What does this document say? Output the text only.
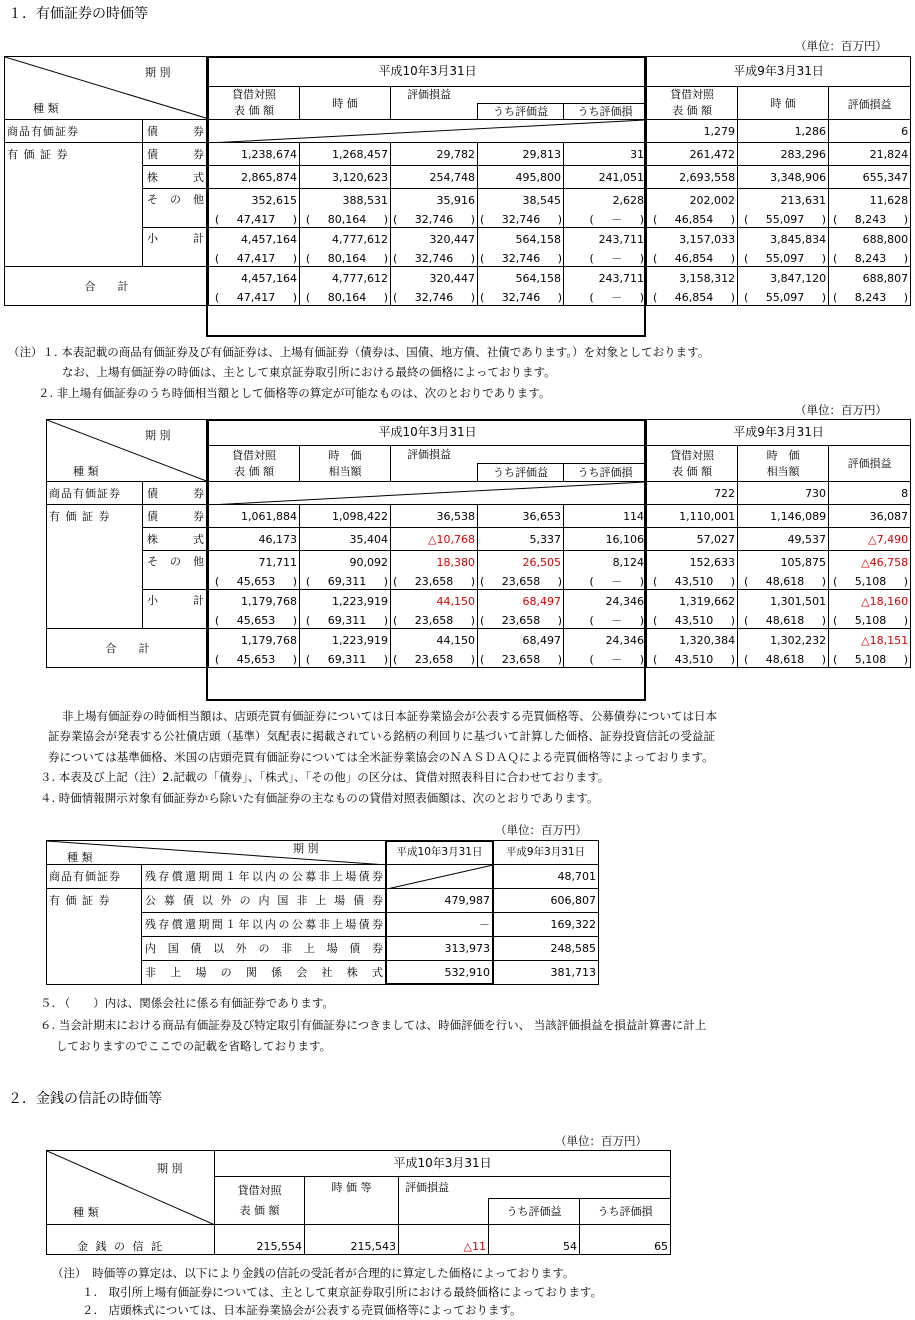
１．有価証券の時価等
（単位：百万円）
期 別
種 類		平成10年3月31日					平成9年3月31日		
		貸借対照
表 価 額	時 価	評価損益			貸借対照
表 価 額	時 価	評価損益
					うち評価益	うち評価損			
商品有価証券	債　　券						1,279	1,286	6
有 価 証 券	債　　券	1,238,674	1,268,457	29,782	29,813	31	261,472	283,296	21,824
	株　　式	2,865,874	3,120,623	254,748	495,800	241,051	2,693,558	3,348,906	655,347
	そ の 他	352,615	388,531	35,916	38,545	2,628	202,002	213,631	11,628
		( 47,417 )	( 80,164 )	( 32,746 )	( 32,746 )	( － )	( 46,854 )	( 55,097 )	( 8,243 )
	小　　計	4,457,164	4,777,612	320,447	564,158	243,711	3,157,033	3,845,834	688,800
		( 47,417 )	( 80,164 )	( 32,746 )	( 32,746 )	( － )	( 46,854 )	( 55,097 )	( 8,243 )
合　　計		4,457,164	4,777,612	320,447	564,158	243,711	3,158,312	3,847,120	688,807
		( 47,417 )	( 80,164 )	( 32,746 )	( 32,746 )	( － )	( 46,854 )	( 55,097 )	( 8,243 )
（注）１. 本表記載の商品有価証券及び有価証券は、上場有価証券（債券は、国債、地方債、社債であります。）を対象としております。
なお、上場有価証券の時価は、主として東京証券取引所における最終の価格によっております。
２. 非上場有価証券のうち時価相当額として価格等の算定が可能なものは、次のとおりであります。
（単位：百万円）
期 別
種 類		平成10年3月31日					平成9年3月31日		
		貸借対照
表 価 額	時　価
相当額	評価損益			貸借対照
表 価 額	時　価
相当額	評価損益
					うち評価益	うち評価損			
商品有価証券	債　　券						722	730	8
有 価 証 券	債　　券	1,061,884	1,098,422	36,538	36,653	114	1,110,001	1,146,089	36,087
	株　　式	46,173	35,404	△10,768	5,337	16,106	57,027	49,537	△7,490
	そ の 他	71,711	90,092	18,380	26,505	8,124	152,633	105,875	△46,758
		( 45,653 )	( 69,311 )	( 23,658 )	( 23,658 )	( － )	( 43,510 )	( 48,618 )	( 5,108 )
	小　　計	1,179,768	1,223,919	44,150	68,497	24,346	1,319,662	1,301,501	△18,160
		( 45,653 )	( 69,311 )	( 23,658 )	( 23,658 )	( － )	( 43,510 )	( 48,618 )	( 5,108 )
合　　計		1,179,768	1,223,919	44,150	68,497	24,346	1,320,384	1,302,232	△18,151
		( 45,653 )	( 69,311 )	( 23,658 )	( 23,658 )	( － )	( 43,510 )	( 48,618 )	( 5,108 )
非上場有価証券の時価相当額は、店頭売買有価証券については日本証券業協会が公表する売買価格等、公募債券については日本
証券業協会が発表する公社債店頭（基準）気配表に掲載されている銘柄の利回りに基づいて計算した価格、証券投資信託の受益証
券については基準価格、米国の店頭売買有価証券については全米証券業協会のＮＡＳＤＡＱによる売買価格等によっております。
３. 本表及び上記（注）2.記載の「債券」、「株式」、「その他」の区分は、貸借対照表科目に合わせております。
４. 時価情報開示対象有価証券から除いた有価証券の主なものの貸借対照表価額は、次のとおりであります。
（単位：百万円）
期 別
種 類		平成10年3月31日	平成9年3月31日
商品有価証券	残存償還期間１年以内の公募非上場債券		48,701
有 価 証 券	公募債以外の内国非上場債券	479,987	606,807
	残存償還期間１年以内の公募非上場債券	－	169,322
	内国債以外の非上場債券	313,973	248,585
	非上場の関係会社株式	532,910	381,713
５. （　　）内は、関係会社に係る有価証券であります。
６. 当会計期末における商品有価証券及び特定取引有価証券につきましては、時価評価を行い、 当該評価損益を損益計算書に計上
しておりますのでここでの記載を省略しております。
２．金銭の信託の時価等
（単位：百万円）
期 別
種 類	平成10年3月31日				
	貸借対照
表 価 額	時 価 等	評価損益		
				うち評価益	うち評価損
金 銭 の 信 託	215,554	215,543	△11	54	65
（注）　時価等の算定は、以下により金銭の信託の受託者が合理的に算定した価格によっております。
１.　取引所上場有価証券については、主として東京証券取引所における最終価格によっております。
２.　店頭株式については、日本証券業協会が公表する売買価格等によっております。
